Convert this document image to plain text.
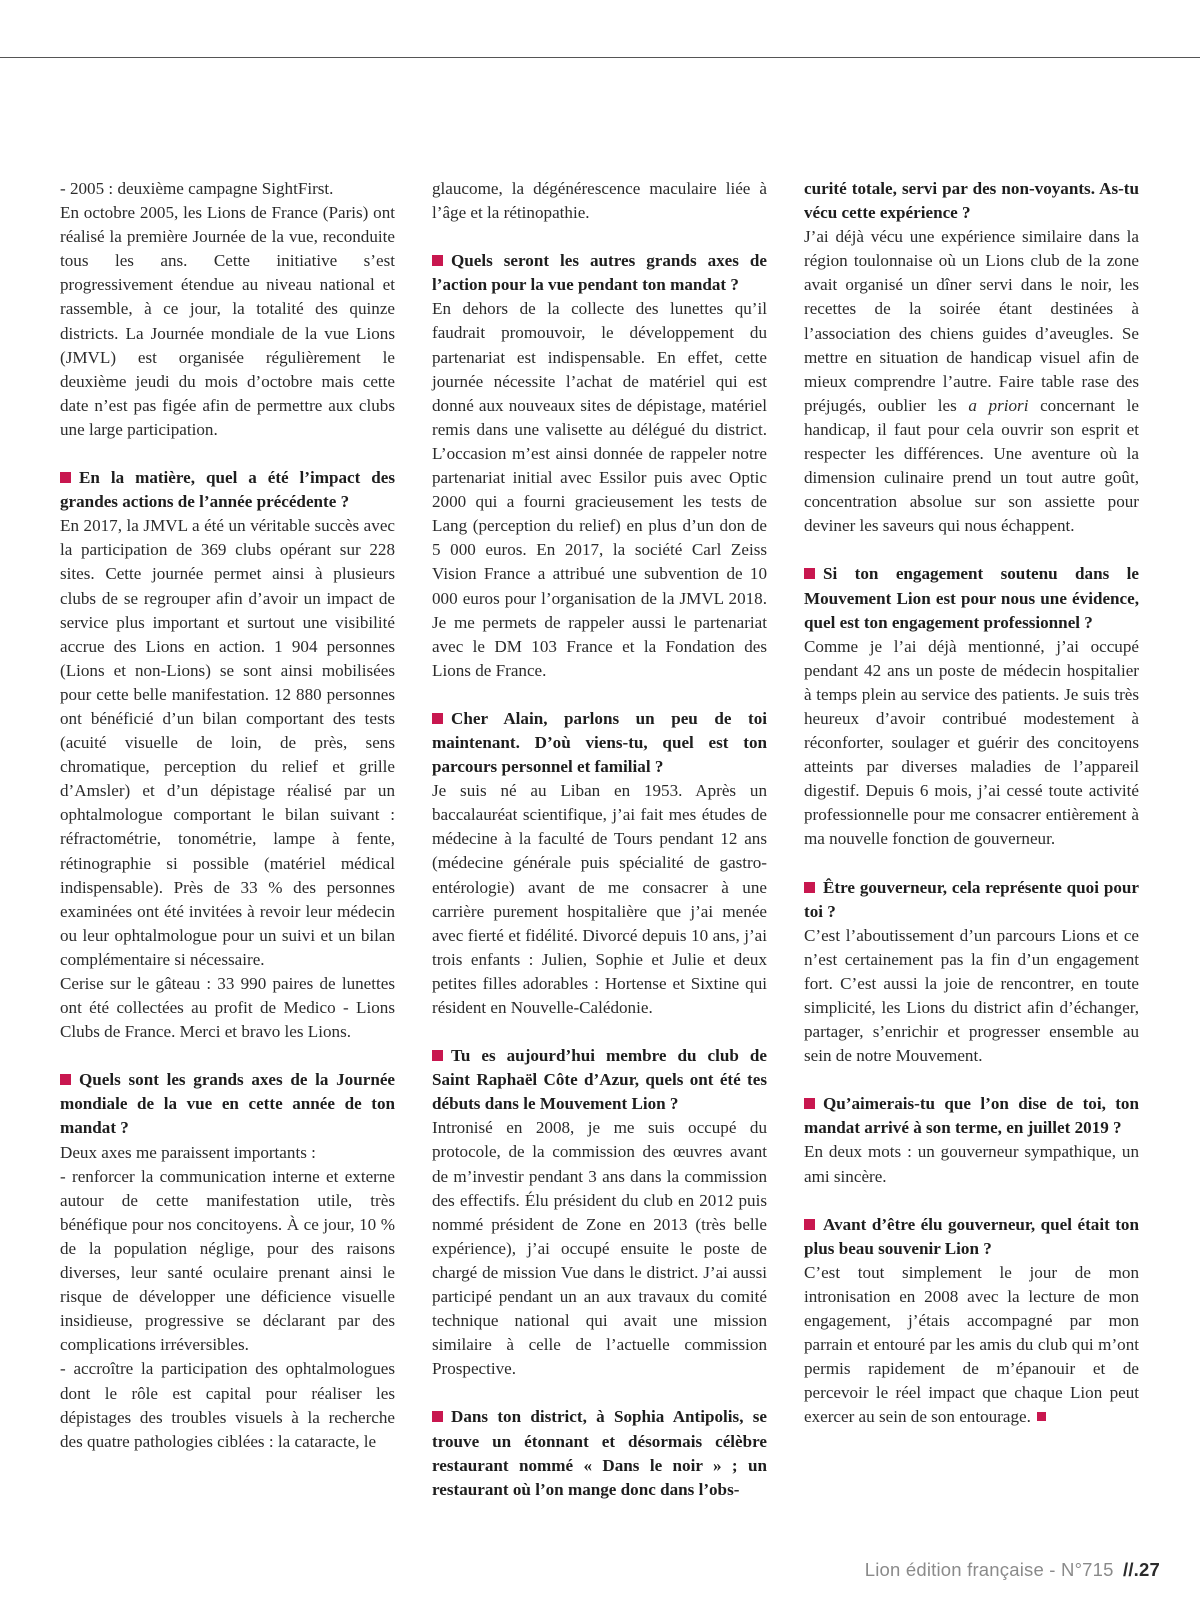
- 2005 : deuxième campagne SightFirst.

En octobre 2005, les Lions de France (Paris) ont réalisé la première Journée de la vue, reconduite tous les ans. Cette initiative s’est progressivement étendue au niveau national et rassemble, à ce jour, la totalité des quinze districts. La Journée mondiale de la vue Lions (JMVL) est organisée régulièrement le deuxième jeudi du mois d’octobre mais cette date n’est pas figée afin de permettre aux clubs une large participation.

En la matière, quel a été l’impact des grandes actions de l’année précédente ?

En 2017, la JMVL a été un véritable succès avec la participation de 369 clubs opérant sur 228 sites. Cette journée permet ainsi à plusieurs clubs de se regrouper afin d’avoir un impact de service plus important et surtout une visibilité accrue des Lions en action. 1 904 personnes (Lions et non-Lions) se sont ainsi mobilisées pour cette belle manifestation. 12 880 personnes ont bénéficié d’un bilan comportant des tests (acuité visuelle de loin, de près, sens chromatique, perception du relief et grille d’Amsler) et d’un dépistage réalisé par un ophtalmologue comportant le bilan suivant : réfractométrie, tonométrie, lampe à fente, rétinographie si possible (matériel médical indispensable). Près de 33 % des personnes examinées ont été invitées à revoir leur médecin ou leur ophtalmologue pour un suivi et un bilan complémentaire si nécessaire.

Cerise sur le gâteau : 33 990 paires de lunettes ont été collectées au profit de Medico - Lions Clubs de France. Merci et bravo les Lions.

Quels sont les grands axes de la Journée mondiale de la vue en cette année de ton mandat ?

Deux axes me paraissent importants :

- renforcer la communication interne et externe autour de cette manifestation utile, très bénéfique pour nos concitoyens. À ce jour, 10 % de la population néglige, pour des raisons diverses, leur santé oculaire prenant ainsi le risque de développer une déficience visuelle insidieuse, progressive se déclarant par des complications irréversibles.

- accroître la participation des ophtalmologues dont le rôle est capital pour réaliser les dépistages des troubles visuels à la recherche des quatre pathologies ciblées : la cataracte, le

glaucome, la dégénérescence maculaire liée à l’âge et la rétinopathie.

Quels seront les autres grands axes de l’action pour la vue pendant ton mandat ?

En dehors de la collecte des lunettes qu’il faudrait promouvoir, le développement du partenariat est indispensable. En effet, cette journée nécessite l’achat de matériel qui est donné aux nouveaux sites de dépistage, matériel remis dans une valisette au délégué du district. L’occasion m’est ainsi donnée de rappeler notre partenariat initial avec Essilor puis avec Optic 2000 qui a fourni gracieusement les tests de Lang (perception du relief) en plus d’un don de 5 000 euros. En 2017, la société Carl Zeiss Vision France a attribué une subvention de 10 000 euros pour l’organisation de la JMVL 2018. Je me permets de rappeler aussi le partenariat avec le DM 103 France et la Fondation des Lions de France.

Cher Alain, parlons un peu de toi maintenant. D’où viens-tu, quel est ton parcours personnel et familial ?

Je suis né au Liban en 1953. Après un baccalauréat scientifique, j’ai fait mes études de médecine à la faculté de Tours pendant 12 ans (médecine générale puis spécialité de gastro-entérologie) avant de me consacrer à une carrière purement hospitalière que j’ai menée avec fierté et fidélité. Divorcé depuis 10 ans, j’ai trois enfants : Julien, Sophie et Julie et deux petites filles adorables : Hortense et Sixtine qui résident en Nouvelle-Calédonie.

Tu es aujourd’hui membre du club de Saint Raphaël Côte d’Azur, quels ont été tes débuts dans le Mouvement Lion ?

Intronisé en 2008, je me suis occupé du protocole, de la commission des œuvres avant de m’investir pendant 3 ans dans la commission des effectifs. Élu président du club en 2012 puis nommé président de Zone en 2013 (très belle expérience), j’ai occupé ensuite le poste de chargé de mission Vue dans le district. J’ai aussi participé pendant un an aux travaux du comité technique national qui avait une mission similaire à celle de l’actuelle commission Prospective.

Dans ton district, à Sophia Antipolis, se trouve un étonnant et désormais célèbre restaurant nommé « Dans le noir » ; un restaurant où l’on mange donc dans l’obs-

curité totale, servi par des non-voyants. As-tu vécu cette expérience ?

J’ai déjà vécu une expérience similaire dans la région toulonnaise où un Lions club de la zone avait organisé un dîner servi dans le noir, les recettes de la soirée étant destinées à l’association des chiens guides d’aveugles. Se mettre en situation de handicap visuel afin de mieux comprendre l’autre. Faire table rase des préjugés, oublier les a priori concernant le handicap, il faut pour cela ouvrir son esprit et respecter les différences. Une aventure où la dimension culinaire prend un tout autre goût, concentration absolue sur son assiette pour deviner les saveurs qui nous échappent.

Si ton engagement soutenu dans le Mouvement Lion est pour nous une évidence, quel est ton engagement professionnel ?

Comme je l’ai déjà mentionné, j’ai occupé pendant 42 ans un poste de médecin hospitalier à temps plein au service des patients. Je suis très heureux d’avoir contribué modestement à réconforter, soulager et guérir des concitoyens atteints par diverses maladies de l’appareil digestif. Depuis 6 mois, j’ai cessé toute activité professionnelle pour me consacrer entièrement à ma nouvelle fonction de gouverneur.

Être gouverneur, cela représente quoi pour toi ?

C’est l’aboutissement d’un parcours Lions et ce n’est certainement pas la fin d’un engagement fort. C’est aussi la joie de rencontrer, en toute simplicité, les Lions du district afin d’échanger, partager, s’enrichir et progresser ensemble au sein de notre Mouvement.

Qu’aimerais-tu que l’on dise de toi, ton mandat arrivé à son terme, en juillet 2019 ?

En deux mots : un gouverneur sympathique, un ami sincère.

Avant d’être élu gouverneur, quel était ton plus beau souvenir Lion ?

C’est tout simplement le jour de mon intronisation en 2008 avec la lecture de mon engagement, j’étais accompagné par mon parrain et entouré par les amis du club qui m’ont permis rapidement de m’épanouir et de percevoir le réel impact que chaque Lion peut exercer au sein de son entourage.

Lion édition française - N°715 //.27
